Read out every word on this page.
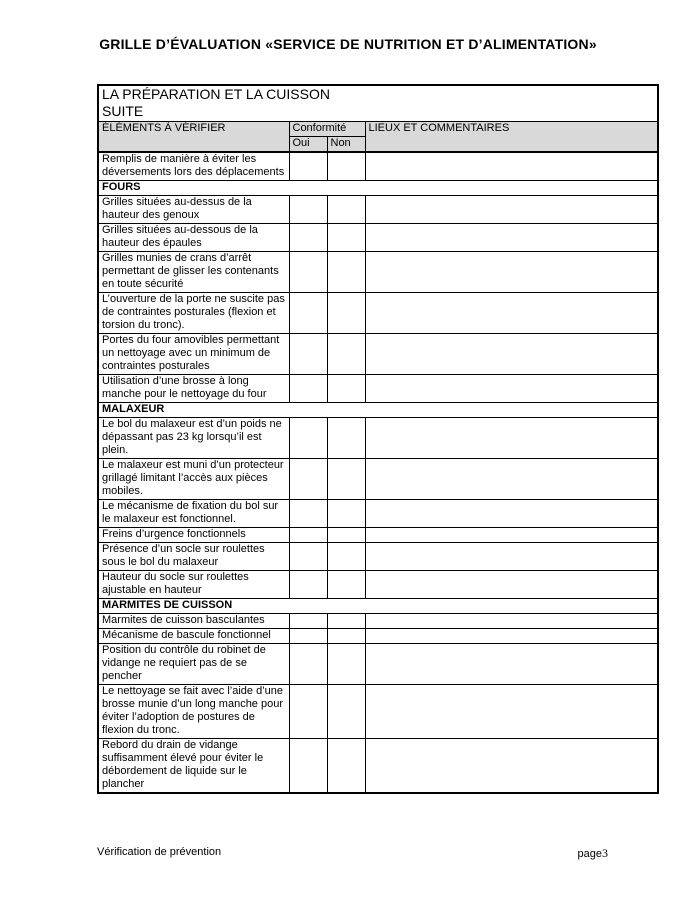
GRILLE D’ÉVALUATION «SERVICE DE NUTRITION ET D’ALIMENTATION»
LA PRÉPARATION ET LA CUISSON
SUITE			

ÉLÉMENTS À VÉRIFIER	Conformité		LIEUX ET COMMENTAIRES
	Oui	Non	
Remplis de manière à éviter les déversements lors des déplacements			
FOURS			
Grilles situées au-dessus de la hauteur des genoux			
Grilles situées au-dessous de la hauteur des épaules			
Grilles munies de crans d’arrêt permettant de glisser les contenants en toute sécurité			
L’ouverture de la porte ne suscite pas de contraintes posturales (flexion et torsion du tronc).			
Portes du four amovibles permettant un nettoyage avec un minimum de contraintes posturales			
Utilisation d’une brosse à long manche pour le nettoyage du four			
MALAXEUR			
Le bol du malaxeur est d’un poids ne dépassant pas 23 kg lorsqu’il est plein.			
Le malaxeur est muni d’un protecteur grillagé limitant l’accès aux pièces mobiles.			
Le mécanisme de fixation du bol sur le malaxeur est fonctionnel.			
Freins d’urgence fonctionnels			
Présence d’un socle sur roulettes sous le bol du malaxeur			
Hauteur du socle sur roulettes ajustable en hauteur			
MARMITES DE CUISSON			
Marmites de cuisson basculantes			
Mécanisme de bascule fonctionnel			
Position du contrôle du robinet de vidange ne requiert pas de se pencher			
Le nettoyage se fait avec l’aide d’une brosse munie d’un long manche pour éviter l’adoption de postures de flexion du tronc.			
Rebord du drain de vidange suffisamment élevé pour éviter le débordement de liquide sur le plancher			
Vérification de prévention	page3
